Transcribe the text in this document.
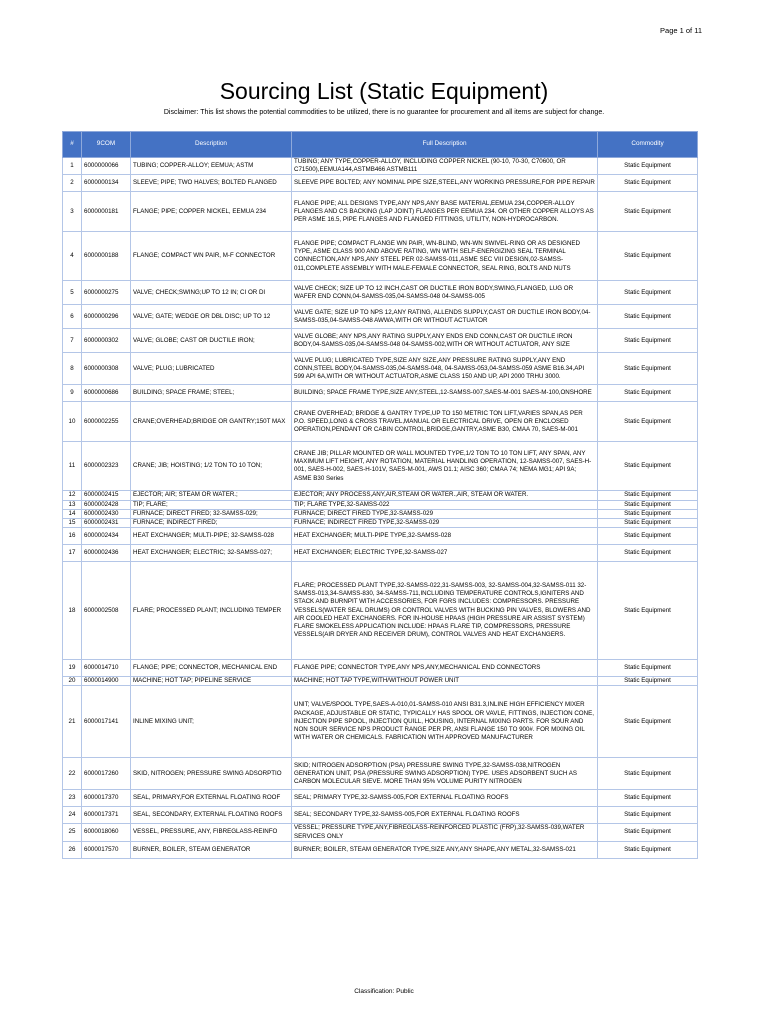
Page 1 of 11
Sourcing List (Static Equipment)
Disclaimer: This list shows the potential commodities to be utilized, there is no guarantee for procurement and all items are subject for change.
#	9COM	Description	Full Description	Commodity
1	6000000066	TUBING; COPPER-ALLOY; EEMUA; ASTM	TUBING; ANY TYPE,COPPER-ALLOY, INCLUDING COPPER NICKEL (90-10, 70-30, C70600, OR C71500),EEMUA144,ASTMB466 ASTMB111	Static Equipment
2	6000000134	SLEEVE; PIPE; TWO HALVES; BOLTED FLANGED	SLEEVE PIPE BOLTED; ANY NOMINAL PIPE SIZE,STEEL,ANY WORKING PRESSURE,FOR PIPE REPAIR	Static Equipment
3	6000000181	FLANGE; PIPE; COPPER NICKEL, EEMUA 234	FLANGE PIPE; ALL DESIGNS TYPE,ANY NPS,ANY BASE MATERIAL,EEMUA 234,COPPER-ALLOY FLANGES AND CS BACKING (LAP JOINT) FLANGES PER EEMUA 234. OR OTHER COPPER ALLOYS AS PER ASME 16.5, PIPE FLANGES AND FLANGED FITTINGS, UTILITY, NON-HYDROCARBON.	Static Equipment
4	6000000188	FLANGE; COMPACT WN PAIR, M-F CONNECTOR	FLANGE PIPE; COMPACT FLANGE WN PAIR, WN-BLIND, WN-WN SWIVEL-RING OR AS DESIGNED TYPE, ASME CLASS 900 AND ABOVE RATING, WN WITH SELF-ENERGIZING SEAL TERMINAL CONNECTION,ANY NPS,ANY STEEL PER 02-SAMSS-011,ASME SEC VIII DESIGN,02-SAMSS-011,COMPLETE ASSEMBLY WITH MALE-FEMALE CONNECTOR, SEAL RING, BOLTS AND NUTS	Static Equipment
5	6000000275	VALVE; CHECK;SWING;UP TO 12 IN; CI OR DI	VALVE CHECK; SIZE UP TO 12 INCH,CAST OR DUCTILE IRON BODY,SWING,FLANGED, LUG OR WAFER END CONN,04-SAMSS-035,04-SAMSS-048 04-SAMSS-005	Static Equipment
6	6000000296	VALVE; GATE; WEDGE OR DBL DISC; UP TO 12	VALVE GATE; SIZE UP TO NPS 12,ANY RATING, ALLENDS SUPPLY,CAST OR DUCTILE IRON BODY,04-SAMSS-035,04-SAMSS-048 AWWA,WITH OR WITHOUT ACTUATOR	Static Equipment
7	6000000302	VALVE; GLOBE; CAST OR DUCTILE IRON;	VALVE GLOBE; ANY NPS,ANY RATING SUPPLY,ANY ENDS END CONN,CAST OR DUCTILE IRON BODY,04-SAMSS-035,04-SAMSS-048 04-SAMSS-002,WITH OR WITHOUT ACTUATOR, ANY SIZE	Static Equipment
8	6000000308	VALVE; PLUG; LUBRICATED	VALVE PLUG; LUBRICATED TYPE,SIZE ANY SIZE,ANY PRESSURE RATING SUPPLY,ANY END CONN,STEEL BODY,04-SAMSS-035,04-SAMSS-048, 04-SAMSS-053,04-SAMSS-059 ASME B16.34,API 599 API 6A,WITH OR WITHOUT ACTUATOR,ASME CLASS 150 AND UP, API 2000 TRHU 3000.	Static Equipment
9	6000000686	BUILDING; SPACE FRAME; STEEL;	BUILDING; SPACE FRAME TYPE,SIZE ANY,STEEL,12-SAMSS-007,SAES-M-001 SAES-M-100,ONSHORE	Static Equipment
10	6000002255	CRANE;OVERHEAD;BRIDGE OR GANTRY;150T MAX	CRANE OVERHEAD; BRIDGE & GANTRY TYPE,UP TO 150 METRIC TON LIFT,VARIES SPAN,AS PER P.O. SPEED,LONG & CROSS TRAVEL,MANUAL OR ELECTRICAL DRIVE, OPEN OR ENCLOSED OPERATION,PENDANT OR CABIN CONTROL,BRIDGE,GANTRY,ASME B30, CMAA 70, SAES-M-001	Static Equipment
11	6000002323	CRANE; JIB; HOISTING; 1/2 TON TO 10 TON;	CRANE JIB; PILLAR MOUNTED OR WALL MOUNTED TYPE,1/2 TON TO 10 TON LIFT, ANY SPAN, ANY MAXIMUM LIFT HEIGHT, ANY ROTATION, MATERIAL HANDLING OPERATION, 12-SAMSS-007, SAES-H-001, SAES-H-002, SAES-H-101V, SAES-M-001, AWS D1.1; AISC 360; CMAA 74; NEMA MG1; API 9A; ASME B30 Series	Static Equipment
12	6000002415	EJECTOR; AIR; STEAM OR WATER.;	EJECTOR; ANY PROCESS,ANY,AIR,STEAM OR WATER.,AIR, STEAM OR WATER.	Static Equipment
13	6000002428	TIP; FLARE;	TIP; FLARE TYPE,32-SAMSS-022	Static Equipment
14	6000002430	FURNACE; DIRECT FIRED; 32-SAMSS-029;	FURNACE; DIRECT FIRED TYPE,32-SAMSS-029	Static Equipment
15	6000002431	FURNACE; INDIRECT FIRED;	FURNACE; INDIRECT FIRED TYPE,32-SAMSS-029	Static Equipment
16	6000002434	HEAT EXCHANGER; MULTI-PIPE; 32-SAMSS-028	HEAT EXCHANGER; MULTI-PIPE TYPE,32-SAMSS-028	Static Equipment
17	6000002436	HEAT EXCHANGER; ELECTRIC; 32-SAMSS-027;	HEAT EXCHANGER; ELECTRIC TYPE,32-SAMSS-027	Static Equipment
18	6000002508	FLARE; PROCESSED PLANT; INCLUDING TEMPER	FLARE; PROCESSED PLANT TYPE,32-SAMSS-022,31-SAMSS-003, 32-SAMSS-004,32-SAMSS-011 32-SAMSS-013,34-SAMSS-830, 34-SAMSS-711,INCLUDING TEMPERATURE CONTROLS,IGNITERS AND STACK AND BURNPIT WITH ACCESSORIES, FOR FGRS INCLUDES: COMPRESSORS. PRESSURE VESSELS(WATER SEAL DRUMS) OR CONTROL VALVES WITH BUCKING PIN VALVES, BLOWERS AND AIR COOLED HEAT EXCHANGERS. FOR IN-HOUSE HPAAS (HIGH PRESSURE AIR ASSIST SYSTEM) FLARE SMOKELESS APPLICATION INCLUDE: HPAAS FLARE TIP, COMPRESSORS, PRESSURE VESSELS(AIR DRYER AND RECEIVER DRUM), CONTROL VALVES AND HEAT EXCHANGERS.	Static Equipment
19	6000014710	FLANGE; PIPE; CONNECTOR, MECHANICAL END	FLANGE PIPE; CONNECTOR TYPE,ANY NPS,ANY,MECHANICAL END CONNECTORS	Static Equipment
20	6000014900	MACHINE; HOT TAP; PIPELINE SERVICE	MACHINE; HOT TAP TYPE,WITH/WITHOUT POWER UNIT	Static Equipment
21	6000017141	INLINE MIXING UNIT;	UNIT; VALVE/SPOOL TYPE,SAES-A-010,01-SAMSS-010 ANSI B31.3,INLINE HIGH EFFICIENCY MIXER PACKAGE, ADJUSTABLE OR STATIC, TYPICALLY HAS SPOOL OR VAVLE, FITTINGS, INJECTION CONE, INJECTION PIPE SPOOL, INJECTION QUILL, HOUSING, INTERNAL MIXING PARTS. FOR SOUR AND NON SOUR SERVICE NPS PRODUCT RANGE PER PR, ANSI FLANGE 150 TO 900#. FOR MIXING OIL WITH WATER OR CHEMICALS. FABRICATION WITH APPROVED MANUFACTURER	Static Equipment
22	6000017260	SKID, NITROGEN; PRESSURE SWING ADSORPTIO	SKID; NITROGEN ADSORPTION (PSA) PRESSURE SWING TYPE,32-SAMSS-038,NITROGEN GENERATION UNIT, PSA (PRESSURE SWING ADSORPTION) TYPE. USES ADSORBENT SUCH AS CARBON MOLECULAR SIEVE. MORE THAN 95% VOLUME PURITY NITROGEN	Static Equipment
23	6000017370	SEAL, PRIMARY,FOR EXTERNAL FLOATING ROOF	SEAL; PRIMARY TYPE,32-SAMSS-005,FOR EXTERNAL FLOATING ROOFS	Static Equipment
24	6000017371	SEAL, SECONDARY, EXTERNAL FLOATING ROOFS	SEAL; SECONDARY TYPE,32-SAMSS-005,FOR EXTERNAL FLOATING ROOFS	Static Equipment
25	6000018060	VESSEL, PRESSURE, ANY, FIBREGLASS-REINFO	VESSEL; PRESSURE TYPE,ANY,FIBREGLASS-REINFORCED PLASTIC (FRP),32-SAMSS-039,WATER SERVICES ONLY	Static Equipment
26	6000017570	BURNER, BOILER, STEAM GENERATOR	BURNER; BOILER, STEAM GENERATOR TYPE,SIZE ANY,ANY SHAPE,ANY METAL,32-SAMSS-021	Static Equipment
Classification: Public
